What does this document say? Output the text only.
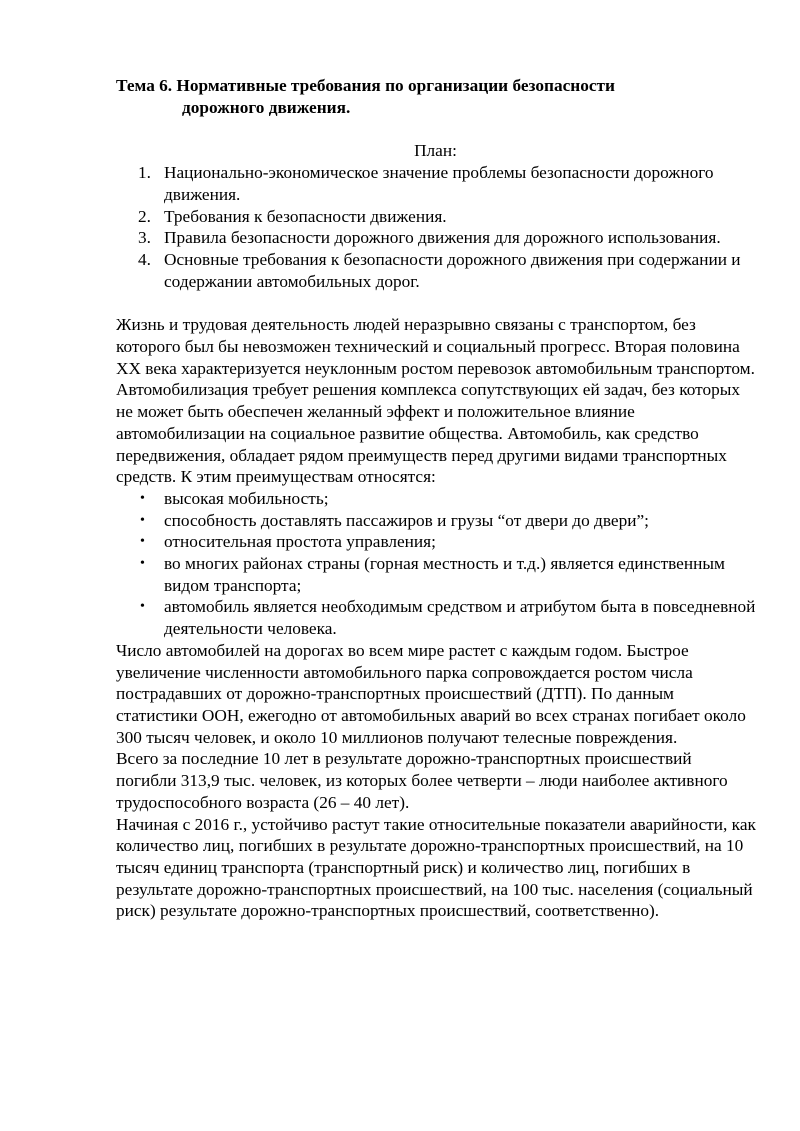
Тема 6. Нормативные требования по организации безопасности
дорожного движения.
План:
1. Национально-экономическое значение проблемы безопасности дорожного движения.
2. Требования к безопасности движения.
3. Правила безопасности дорожного движения для дорожного использования.
4. Основные требования к безопасности дорожного движения при содержании и содержании автомобильных дорог.

Жизнь и трудовая деятельность людей неразрывно связаны с транспортом, без которого был бы невозможен технический и социальный прогресс. Вторая половина XX века характеризуется неуклонным ростом перевозок автомобильным транспортом. Автомобилизация требует решения комплекса сопутствующих ей задач, без которых не может быть обеспечен желанный эффект и положительное влияние автомобилизации на социальное развитие общества. Автомобиль, как средство передвижения, обладает рядом преимуществ перед другими видами транспортных средств. К этим преимуществам относятся:

• высокая мобильность;
• способность доставлять пассажиров и грузы “от двери до двери”;
• относительная простота управления;
• во многих районах страны (горная местность и т.д.) является единственным видом транспорта;
• автомобиль является необходимым средством и атрибутом быта в повседневной деятельности человека.

Число автомобилей на дорогах во всем мире растет с каждым годом. Быстрое увеличение численности автомобильного парка сопровождается ростом числа пострадавших от дорожно-транспортных происшествий (ДТП). По данным статистики ООН, ежегодно от автомобильных аварий во всех странах погибает около 300 тысяч человек, и около 10 миллионов получают телесные повреждения.

Всего за последние 10 лет в результате дорожно-транспортных происшествий погибли 313,9 тыс. человек, из которых более четверти – люди наиболее активного трудоспособного возраста (26 – 40 лет).

Начиная с 2016 г., устойчиво растут такие относительные показатели аварийности, как количество лиц, погибших в результате дорожно-транспортных происшествий, на 10 тысяч единиц транспорта (транспортный риск) и количество лиц, погибших в результате дорожно-транспортных происшествий, на 100 тыс. населения (социальный риск) результате дорожно-транспортных происшествий, соответственно).
